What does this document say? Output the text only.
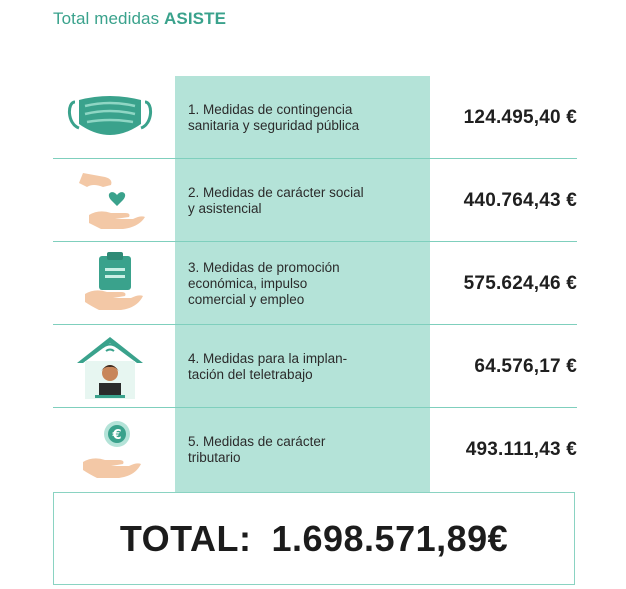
Total medidas ASISTE
1. Medidas de contingencia
sanitaria y seguridad pública	124.495,40 €
2. Medidas de carácter social
y asistencial	440.764,43 €
3. Medidas de promoción
económica, impulso
comercial y empleo
575.624,46 €
4. Medidas para la implan-
tación del teletrabajo	64.576,17 €
€	5. Medidas de carácter
tributario	493.111,43 €
TOTAL: 1.698.571,89€
